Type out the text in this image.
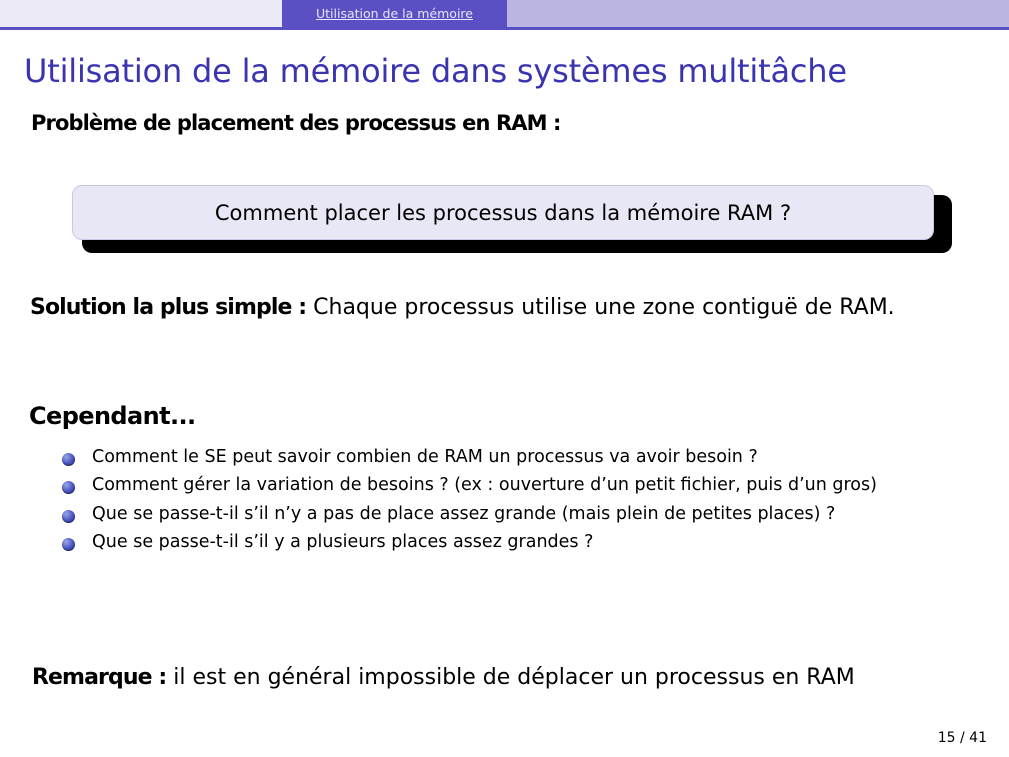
Utilisation de la mémoire
Utilisation de la mémoire dans systèmes multitâche
Problème de placement des processus en RAM :
Comment placer les processus dans la mémoire RAM ?
Solution la plus simple : Chaque processus utilise une zone contiguë de RAM.
Cependant...
Comment le SE peut savoir combien de RAM un processus va avoir besoin ?
Comment gérer la variation de besoins ? (ex : ouverture d’un petit fichier, puis d’un gros)
Que se passe-t-il s’il n’y a pas de place assez grande (mais plein de petites places) ?
Que se passe-t-il s’il y a plusieurs places assez grandes ?
Remarque : il est en général impossible de déplacer un processus en RAM
15 / 41
